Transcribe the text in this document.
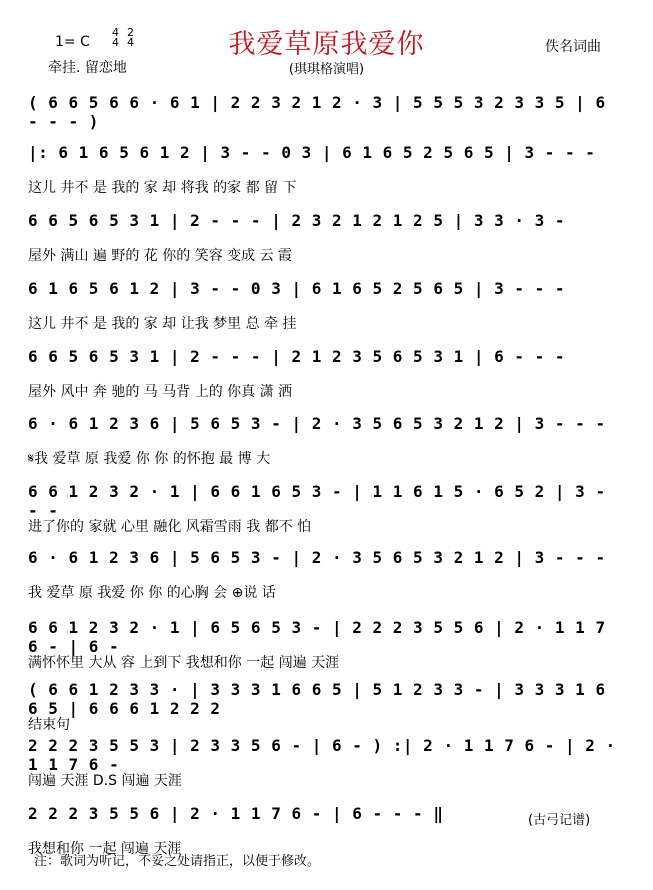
我爱草原我爱你
1= C
4
4
2
4
牵挂. 留恋地
佚名词曲
(琪琪格演唱)
( 6 6 5 6 6 · 6 1 | 2 2 3 2 1 2 · 3 | 5 5 5 3 2 3 3 5 | 6 - - - )
|: 6 1 6 5 6 1 2 | 3 - - 0 3 | 6 1 6 5 2 5 6 5 | 3 - - -
这儿 井不 是 我的 家 却 将我 的家 都 留 下
6 6 5 6 5 3 1 | 2 - - - | 2 3 2 1 2 1 2 5 | 3 3 · 3 -
屋外 满山 遍 野的 花 你的 笑容 变成 云 霞
6 1 6 5 6 1 2 | 3 - - 0 3 | 6 1 6 5 2 5 6 5 | 3 - - -
这儿 井不 是 我的 家 却 让我 梦里 总 牵 挂
6 6 5 6 5 3 1 | 2 - - - | 2 1 2 3 5 6 5 3 1 | 6 - - -
屋外 风中 奔 驰的 马 马背 上的 你真 潇 洒
6 · 6 1 2 3 6 | 5 6 5 3 - | 2 · 3 5 6 5 3 2 1 2 | 3 - - -
𝄋我 爱草 原 我爱 你 你 的怀抱 最 博 大
6 6 1 2 3 2 · 1 | 6 6 1 6 5 3 - | 1 1 6 1 5 · 6 5 2 | 3 - - -
进了你的 家就 心里 融化 风霜雪雨 我 都不 怕
6 · 6 1 2 3 6 | 5 6 5 3 - | 2 · 3 5 6 5 3 2 1 2 | 3 - - -
我 爱草 原 我爱 你 你 的心胸 会 ⊕说 话
6 6 1 2 3 2 · 1 | 6 5 6 5 3 - | 2 2 2 3 5 5 6 | 2 · 1 1 7 6 - | 6 -
满怀怀里 大从 容 上到下 我想和你 一起 闯遍 天涯
( 6 6 1 2 3 3 · | 3 3 3 1 6 6 5 | 5 1 2 3 3 - | 3 3 3 1 6 6 5 | 6 6 6 1 2 2 2
结束句
2 2 2 3 5 5 3 | 2 3 3 5 6 - | 6 - ) :| 2 · 1 1 7 6 - | 2 · 1 1 7 6 -
闯遍 天涯 D.S 闯遍 天涯
2 2 2 3 5 5 6 | 2 · 1 1 7 6 - | 6 - - - ‖
我想和你 一起 闯遍 天涯
(古弓记谱)
注：歌词为听记，不妥之处请指正，以便于修改。
